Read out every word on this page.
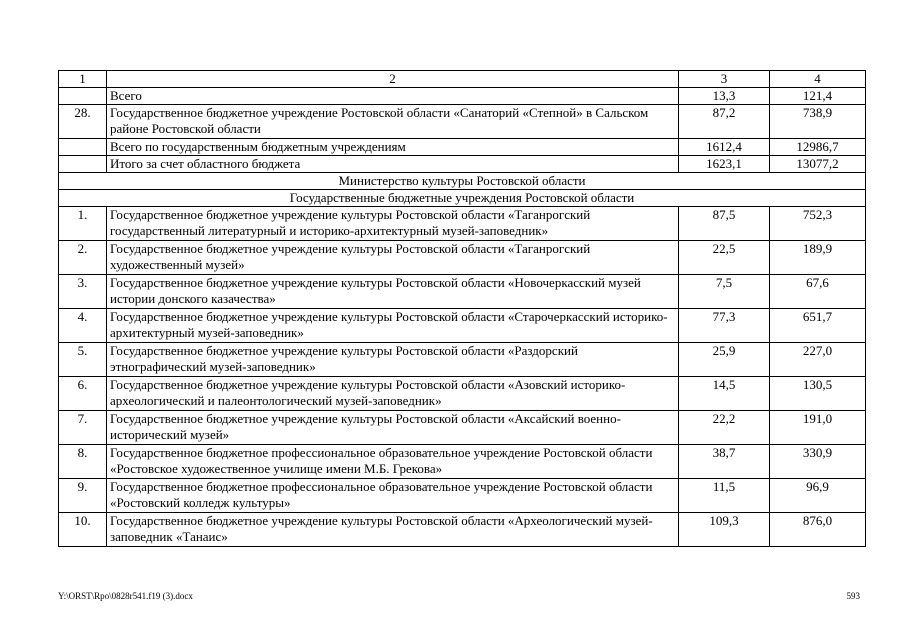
1	2	3	4
	Всего	13,3	121,4
28.	Государственное бюджетное учреждение Ростовской области «Санаторий «Степной» в Сальском районе Ростовской области	87,2	738,9
	Всего по государственным бюджетным учреждениям	1612,4	12986,7
	Итого за счет областного бюджета	1623,1	13077,2
Министерство культуры Ростовской области			
Государственные бюджетные учреждения Ростовской области			
1.	Государственное бюджетное учреждение культуры Ростовской области «Таганрогский государственный литературный и историко-архитектурный музей-заповедник»	87,5	752,3
2.	Государственное бюджетное учреждение культуры Ростовской области «Таганрогский художественный музей»	22,5	189,9
3.	Государственное бюджетное учреждение культуры Ростовской области «Новочеркасский музей истории донского казачества»	7,5	67,6
4.	Государственное бюджетное учреждение культуры Ростовской области «Старочеркасский историко-архитектурный музей-заповедник»	77,3	651,7
5.	Государственное бюджетное учреждение культуры Ростовской области «Раздорский этнографический музей-заповедник»	25,9	227,0
6.	Государственное бюджетное учреждение культуры Ростовской области «Азовский историко-археологический и палеонтологический музей-заповедник»	14,5	130,5
7.	Государственное бюджетное учреждение культуры Ростовской области «Аксайский военно-исторический музей»	22,2	191,0
8.	Государственное бюджетное профессиональное образовательное учреждение Ростовской области «Ростовское художественное училище имени М.Б. Грекова»	38,7	330,9
9.	Государственное бюджетное профессиональное образовательное учреждение Ростовской области «Ростовский колледж культуры»	11,5	96,9
10.	Государственное бюджетное учреждение культуры Ростовской области «Археологический музей-заповедник «Танаис»	109,3	876,0
Y:\ORST\Rpo\0828r541.f19 (3).docx	593
